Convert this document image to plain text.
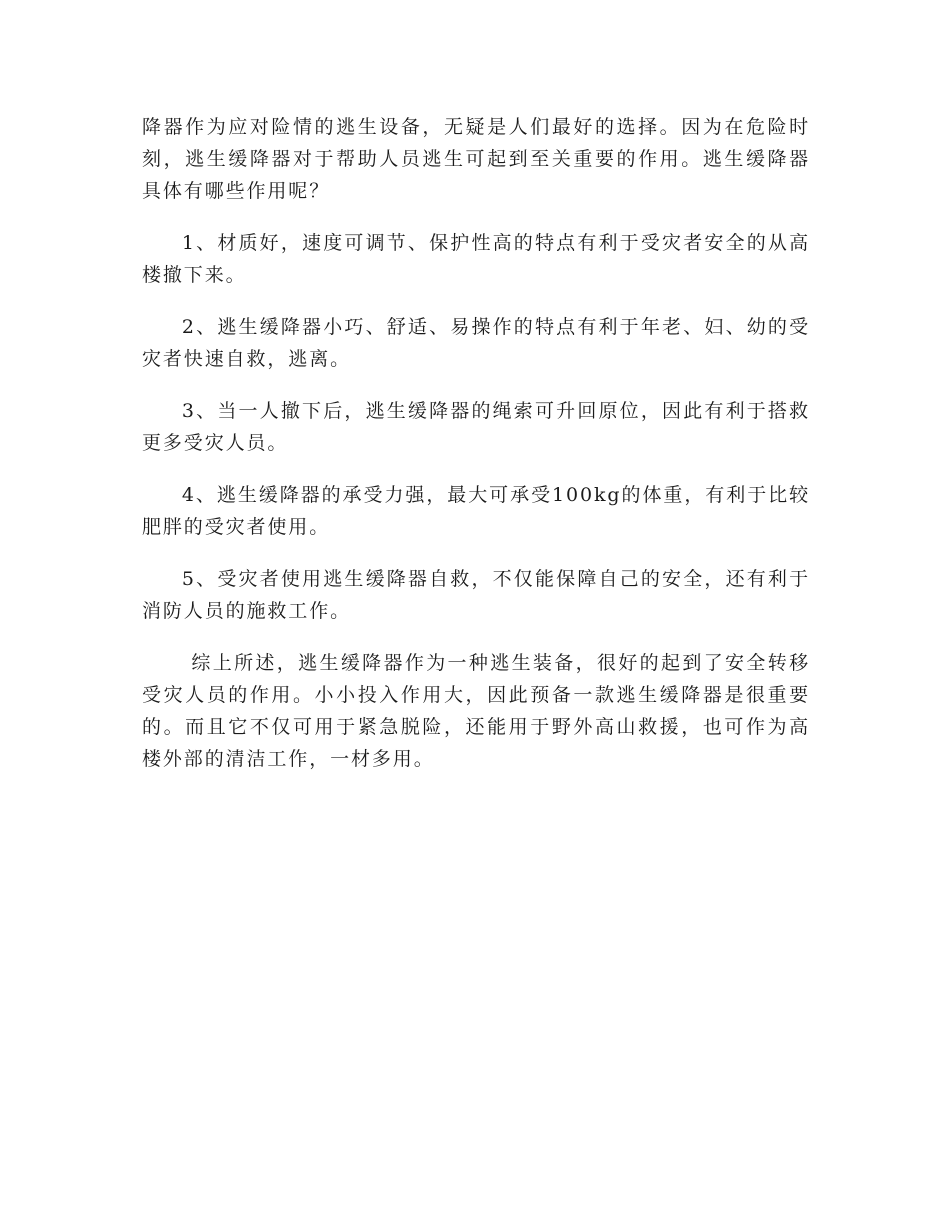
降器作为应对险情的逃生设备，无疑是人们最好的选择。因为在危险时刻，逃生缓降器对于帮助人员逃生可起到至关重要的作用。逃生缓降器具体有哪些作用呢？

1、材质好，速度可调节、保护性高的特点有利于受灾者安全的从高楼撤下来。

2、逃生缓降器小巧、舒适、易操作的特点有利于年老、妇、幼的受灾者快速自救，逃离。

3、当一人撤下后，逃生缓降器的绳索可升回原位，因此有利于搭救更多受灾人员。

4、逃生缓降器的承受力强，最大可承受100kg的体重，有利于比较肥胖的受灾者使用。

5、受灾者使用逃生缓降器自救，不仅能保障自己的安全，还有利于消防人员的施救工作。

综上所述，逃生缓降器作为一种逃生装备，很好的起到了安全转移受灾人员的作用。小小投入作用大，因此预备一款逃生缓降器是很重要的。而且它不仅可用于紧急脱险，还能用于野外高山救援，也可作为高楼外部的清洁工作，一材多用。
